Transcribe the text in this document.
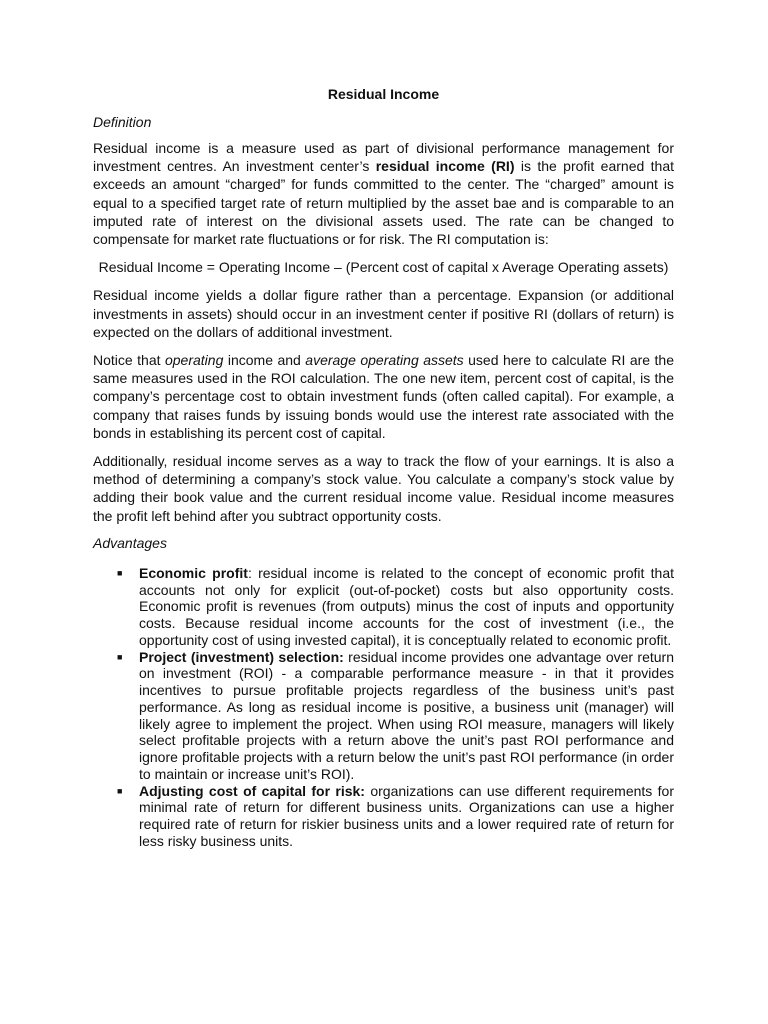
Residual Income
Definition

Residual income is a measure used as part of divisional performance management for investment centres. An investment center’s residual income (RI) is the profit earned that exceeds an amount “charged” for funds committed to the center. The “charged” amount is equal to a specified target rate of return multiplied by the asset bae and is comparable to an imputed rate of interest on the divisional assets used. The rate can be changed to compensate for market rate fluctuations or for risk. The RI computation is:

Residual Income = Operating Income – (Percent cost of capital x Average Operating assets)

Residual income yields a dollar figure rather than a percentage. Expansion (or additional investments in assets) should occur in an investment center if positive RI (dollars of return) is expected on the dollars of additional investment.

Notice that operating income and average operating assets used here to calculate RI are the same measures used in the ROI calculation. The one new item, percent cost of capital, is the company’s percentage cost to obtain investment funds (often called capital). For example, a company that raises funds by issuing bonds would use the interest rate associated with the bonds in establishing its percent cost of capital.

Additionally, residual income serves as a way to track the flow of your earnings. It is also a method of determining a company’s stock value. You calculate a company’s stock value by adding their book value and the current residual income value. Residual income measures the profit left behind after you subtract opportunity costs.

Advantages
■ Economic profit: residual income is related to the concept of economic profit that accounts not only for explicit (out-of-pocket) costs but also opportunity costs. Economic profit is revenues (from outputs) minus the cost of inputs and opportunity costs. Because residual income accounts for the cost of investment (i.e., the opportunity cost of using invested capital), it is conceptually related to economic profit.
■ Project (investment) selection: residual income provides one advantage over return on investment (ROI) - a comparable performance measure - in that it provides incentives to pursue profitable projects regardless of the business unit’s past performance. As long as residual income is positive, a business unit (manager) will likely agree to implement the project. When using ROI measure, managers will likely select profitable projects with a return above the unit’s past ROI performance and ignore profitable projects with a return below the unit’s past ROI performance (in order to maintain or increase unit’s ROI).
■ Adjusting cost of capital for risk: organizations can use different requirements for minimal rate of return for different business units. Organizations can use a higher required rate of return for riskier business units and a lower required rate of return for less risky business units.
